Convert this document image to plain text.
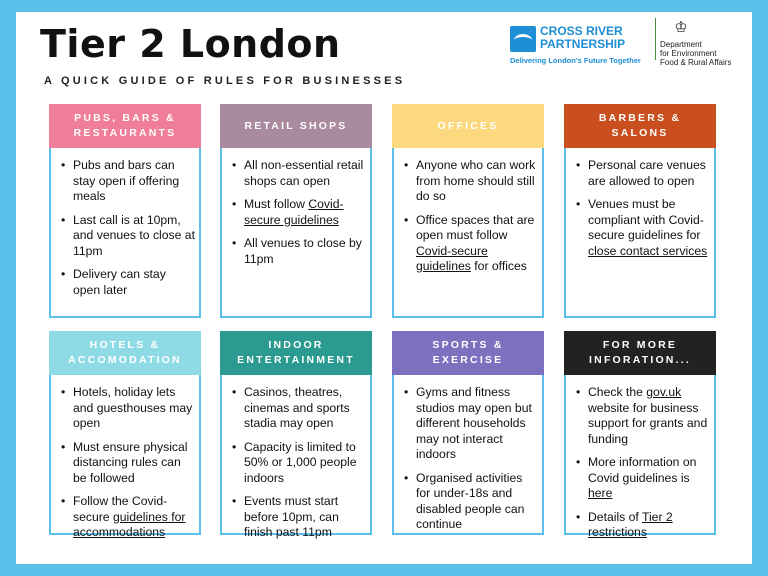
Tier 2 London
A QUICK GUIDE OF RULES FOR BUSINESSES
CROSS RIVER
PARTNERSHIP
Delivering London's Future Together
♔
Department
for Environment
Food & Rural Affairs
PUBS, BARS & RESTAURANTS
• Pubs and bars can stay open if offering meals
• Last call is at 10pm, and venues to close at 11pm
• Delivery can stay open later
RETAIL SHOPS
• All non-essential retail shops can open
• Must follow Covid-secure guidelines
• All venues to close by 11pm
OFFICES
• Anyone who can work from home should still do so
• Office spaces that are open must follow Covid-secure guidelines for offices
BARBERS & SALONS
• Personal care venues are allowed to open
• Venues must be compliant with Covid-secure guidelines for close contact services
HOTELS & ACCOMODATION
• Hotels, holiday lets and guesthouses may open
• Must ensure physical distancing rules can be followed
• Follow the Covid-secure guidelines for accommodations
INDOOR ENTERTAINMENT
• Casinos, theatres, cinemas and sports stadia may open
• Capacity is limited to 50% or 1,000 people indoors
• Events must start before 10pm, can finish past 11pm
SPORTS & EXERCISE
• Gyms and fitness studios may open but different households may not interact indoors
• Organised activities for under-18s and disabled people can continue
FOR MORE INFORATION...
• Check the gov.uk website for business support for grants and funding
• More information on Covid guidelines is here
• Details of Tier 2 restrictions
